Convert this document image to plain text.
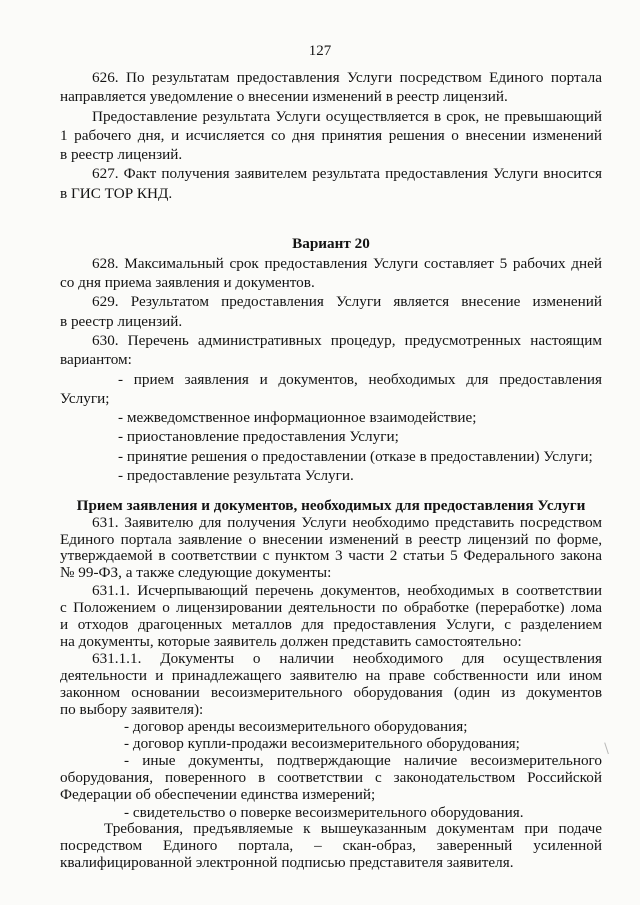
127

626. По результатам предоставления Услуги посредством Единого портала

направляется уведомление о внесении изменений в реестр лицензий.

Предоставление результата Услуги осуществляется в срок, не превышающий

1 рабочего дня, и исчисляется со дня принятия решения о внесении изменений

в реестр лицензий.

627. Факт получения заявителем результата предоставления Услуги вносится

в ГИС ТОР КНД.

Вариант 20

628. Максимальный срок предоставления Услуги составляет 5 рабочих дней

со дня приема заявления и документов.

629. Результатом предоставления Услуги является внесение изменений

в реестр лицензий.

630. Перечень административных процедур, предусмотренных настоящим

вариантом:

- прием заявления и документов, необходимых для предоставления

Услуги;

- межведомственное информационное взаимодействие;

- приостановление предоставления Услуги;

- принятие решения о предоставлении (отказе в предоставлении) Услуги;

- предоставление результата Услуги.

Прием заявления и документов, необходимых для предоставления Услуги

631. Заявителю для получения Услуги необходимо представить посредством

Единого портала заявление о внесении изменений в реестр лицензий по форме,

утверждаемой в соответствии с пунктом 3 части 2 статьи 5 Федерального закона

№ 99-ФЗ, а также следующие документы:

631.1. Исчерпывающий перечень документов, необходимых в соответствии

с Положением о лицензировании деятельности по обработке (переработке) лома

и отходов драгоценных металлов для предоставления Услуги, с разделением

на документы, которые заявитель должен представить самостоятельно:

631.1.1. Документы о наличии необходимого для осуществления

деятельности и принадлежащего заявителю на праве собственности или ином

законном основании весоизмерительного оборудования (один из документов

по выбору заявителя):

- договор аренды весоизмерительного оборудования;

- договор купли-продажи весоизмерительного оборудования;

- иные документы, подтверждающие наличие весоизмерительного

оборудования, поверенного в соответствии с законодательством Российской

Федерации об обеспечении единства измерений;

- свидетельство о поверке весоизмерительного оборудования.

Требования, предъявляемые к вышеуказанным документам при подаче

посредством Единого портала, – скан-образ, заверенный усиленной

квалифицированной электронной подписью представителя заявителя.
